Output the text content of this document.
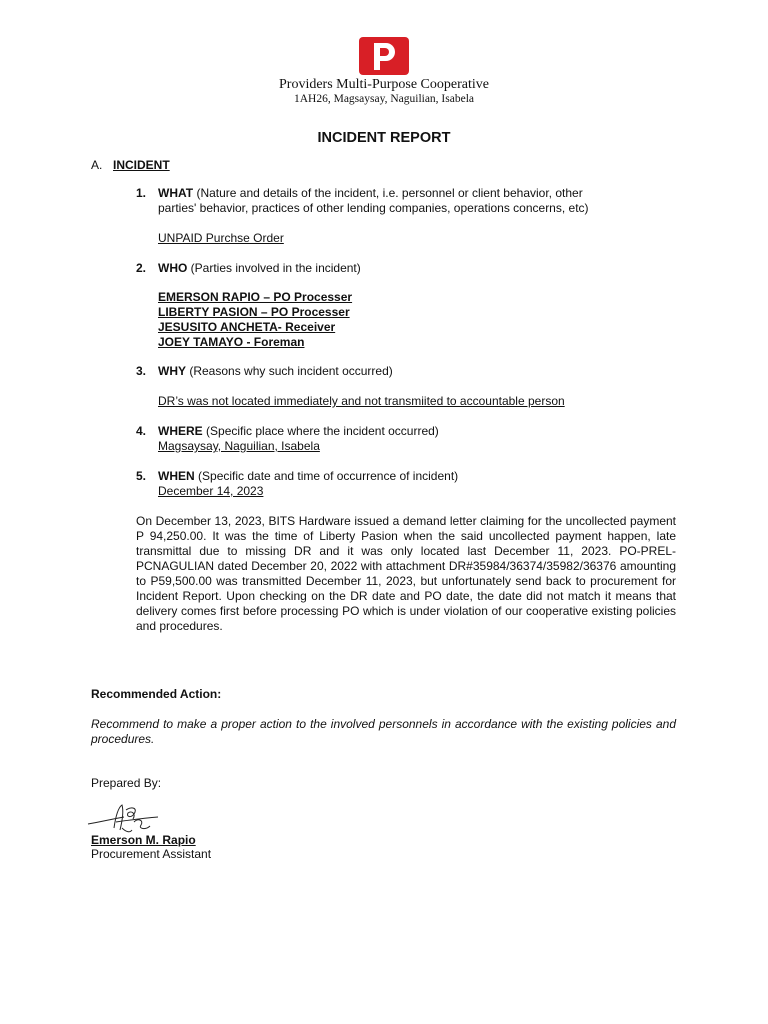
Providers Multi-Purpose Cooperative
1AH26, Magsaysay, Naguilian, Isabela
INCIDENT REPORT
A. INCIDENT
1. WHAT (Nature and details of the incident, i.e. personnel or client behavior, other
parties' behavior, practices of other lending companies, operations concerns, etc)
UNPAID Purchse Order
2. WHO (Parties involved in the incident)
EMERSON RAPIO – PO Processer
LIBERTY PASION – PO Processer
JESUSITO ANCHETA- Receiver
JOEY TAMAYO - Foreman
3. WHY (Reasons why such incident occurred)
DR’s was not located immediately and not transmiited to accountable person
4. WHERE (Specific place where the incident occurred)
Magsaysay, Naguilian, Isabela
5. WHEN (Specific date and time of occurrence of incident)
December 14, 2023
On December 13, 2023, BITS Hardware issued a demand letter claiming for the uncollected payment P 94,250.00. It was the time of Liberty Pasion when the said uncollected payment happen, late transmittal due to missing DR and it was only located last December 11, 2023. PO-PREL-PCNAGULIAN dated December 20, 2022 with attachment DR#35984/36374/35982/36376 amounting to P59,500.00 was transmitted December 11, 2023, but unfortunately send back to procurement for Incident Report. Upon checking on the DR date and PO date, the date did not match it means that delivery comes first before processing PO which is under violation of our cooperative existing policies and procedures.
Recommended Action:
Recommend to make a proper action to the involved personnels in accordance with the existing policies and procedures.
Prepared By:
Emerson M. Rapio
Procurement Assistant
